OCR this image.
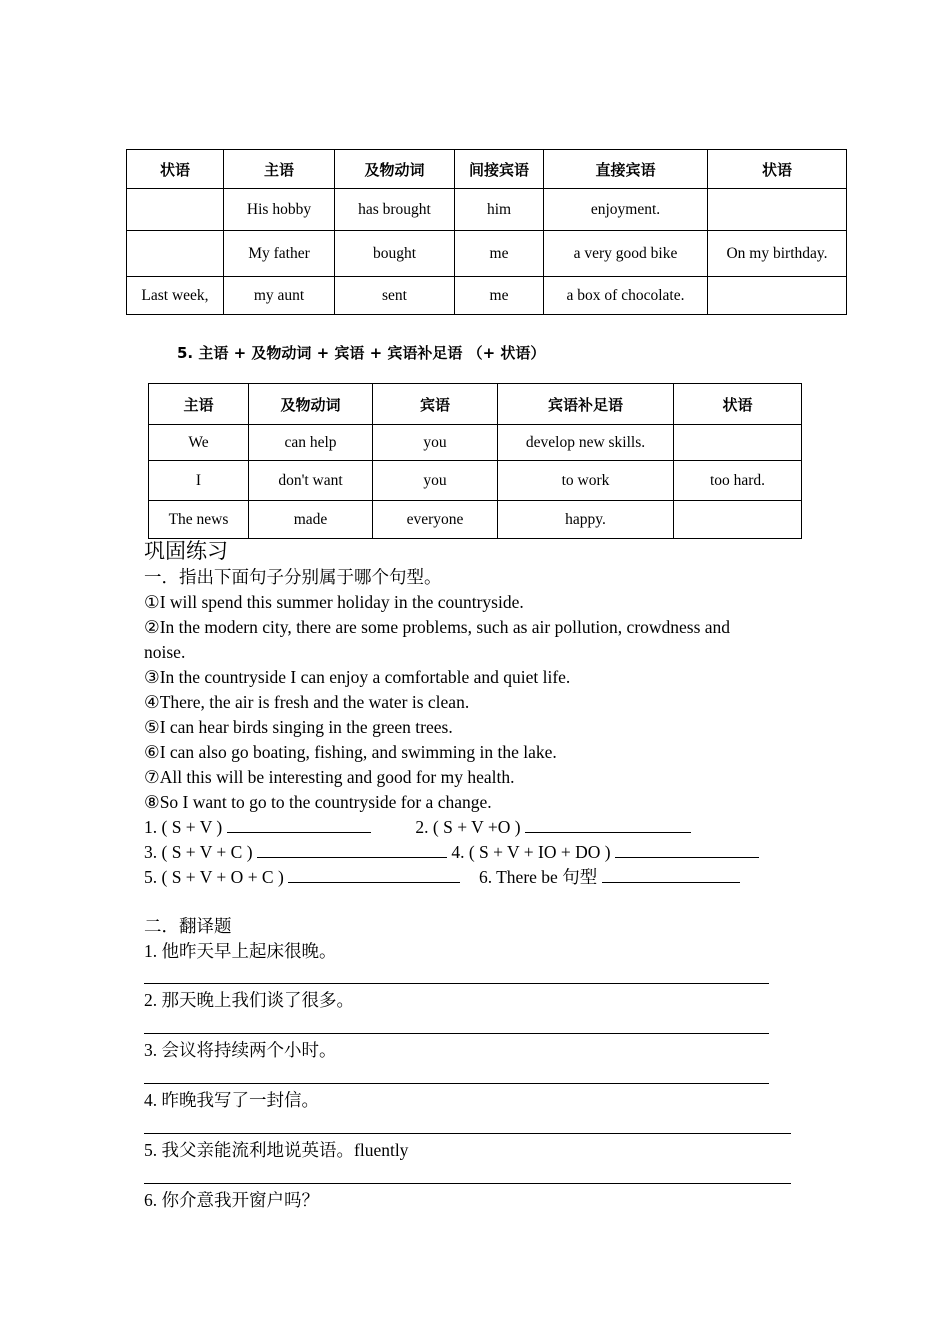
状语	主语	及物动词	间接宾语	直接宾语	状语
	His hobby	has brought	him	enjoyment.	
	My father	bought	me	a very good bike	On my birthday.
Last week,	my aunt	sent	me	a box of chocolate.	
5. 主语 + 及物动词 + 宾语 + 宾语补足语 （+ 状语）
主语	及物动词	宾语	宾语补足语	状语
We	can help	you	develop new skills.	
I	don't want	you	to work	too hard.
The news	made	everyone	happy.	
巩固练习
一．指出下面句子分别属于哪个句型。
①I will spend this summer holiday in the countryside.
②In the modern city, there are some problems, such as air pollution, crowdness and
noise.
③In the countryside I can enjoy a comfortable and quiet life.
④There, the air is fresh and the water is clean.
⑤I can hear birds singing in the green trees.
⑥I can also go boating, fishing, and swimming in the lake.
⑦All this will be interesting and good for my health.
⑧So I want to go to the countryside for a change.
1. ( S + V )	2. ( S + V +O )
3. ( S + V + C )	4. ( S + V + IO + DO )
5. ( S + V + O + C )	6. There be 句型
二．翻译题
1. 他昨天早上起床很晚。
2. 那天晚上我们谈了很多。
3. 会议将持续两个小时。
4. 昨晚我写了一封信。
5. 我父亲能流利地说英语。fluently
6. 你介意我开窗户吗？
